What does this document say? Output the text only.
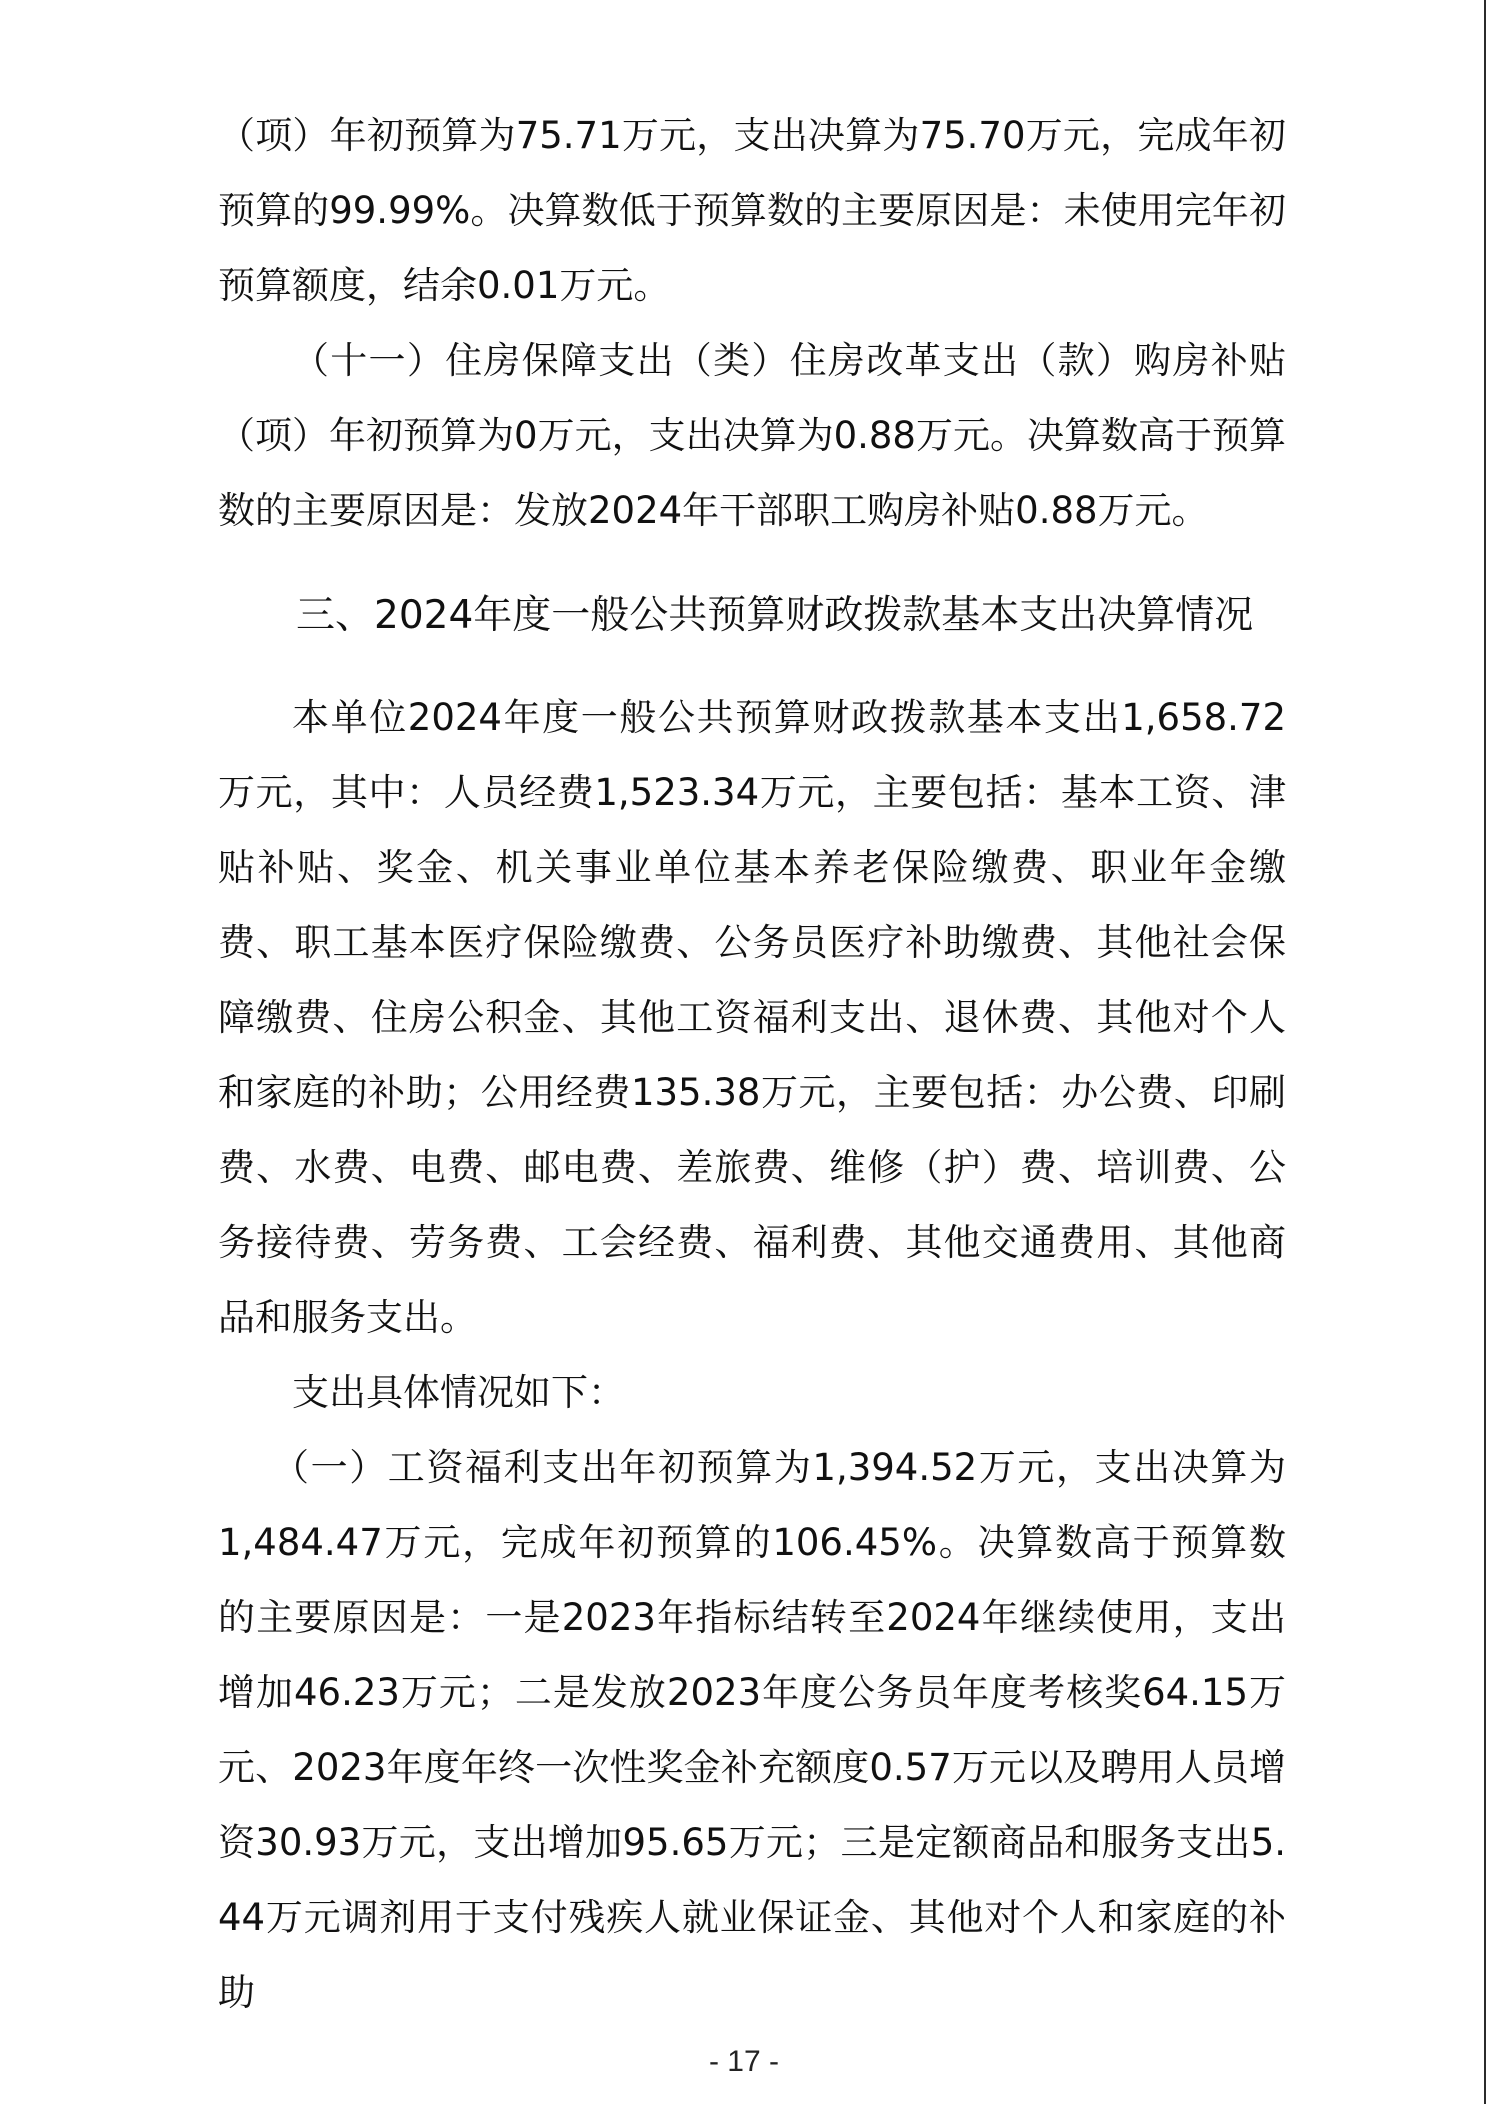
（项）年初预算为75.71万元，支出决算为75.70万元，完成年初预算的99.99%。决算数低于预算数的主要原因是：未使用完年初预算额度，结余0.01万元。

（十一）住房保障支出（类）住房改革支出（款）购房补贴（项）年初预算为0万元，支出决算为0.88万元。决算数高于预算数的主要原因是：发放2024年干部职工购房补贴0.88万元。

三、2024年度一般公共预算财政拨款基本支出决算情况

本单位2024年度一般公共预算财政拨款基本支出1,658.72万元，其中：人员经费1,523.34万元，主要包括：基本工资、津贴补贴、奖金、机关事业单位基本养老保险缴费、职业年金缴费、职工基本医疗保险缴费、公务员医疗补助缴费、其他社会保障缴费、住房公积金、其他工资福利支出、退休费、其他对个人和家庭的补助；公用经费135.38万元，主要包括：办公费、印刷费、水费、电费、邮电费、差旅费、维修（护）费、培训费、公务接待费、劳务费、工会经费、福利费、其他交通费用、其他商品和服务支出。

支出具体情况如下：

（一）工资福利支出年初预算为1,394.52万元，支出决算为1,484.47万元，完成年初预算的106.45%。决算数高于预算数的主要原因是：一是2023年指标结转至2024年继续使用，支出增加46.23万元；二是发放2023年度公务员年度考核奖64.15万元、2023年度年终一次性奖金补充额度0.57万元以及聘用人员增资30.93万元，支出增加95.65万元；三是定额商品和服务支出5.44万元调剂用于支付残疾人就业保证金、其他对个人和家庭的补助

- 17 -
